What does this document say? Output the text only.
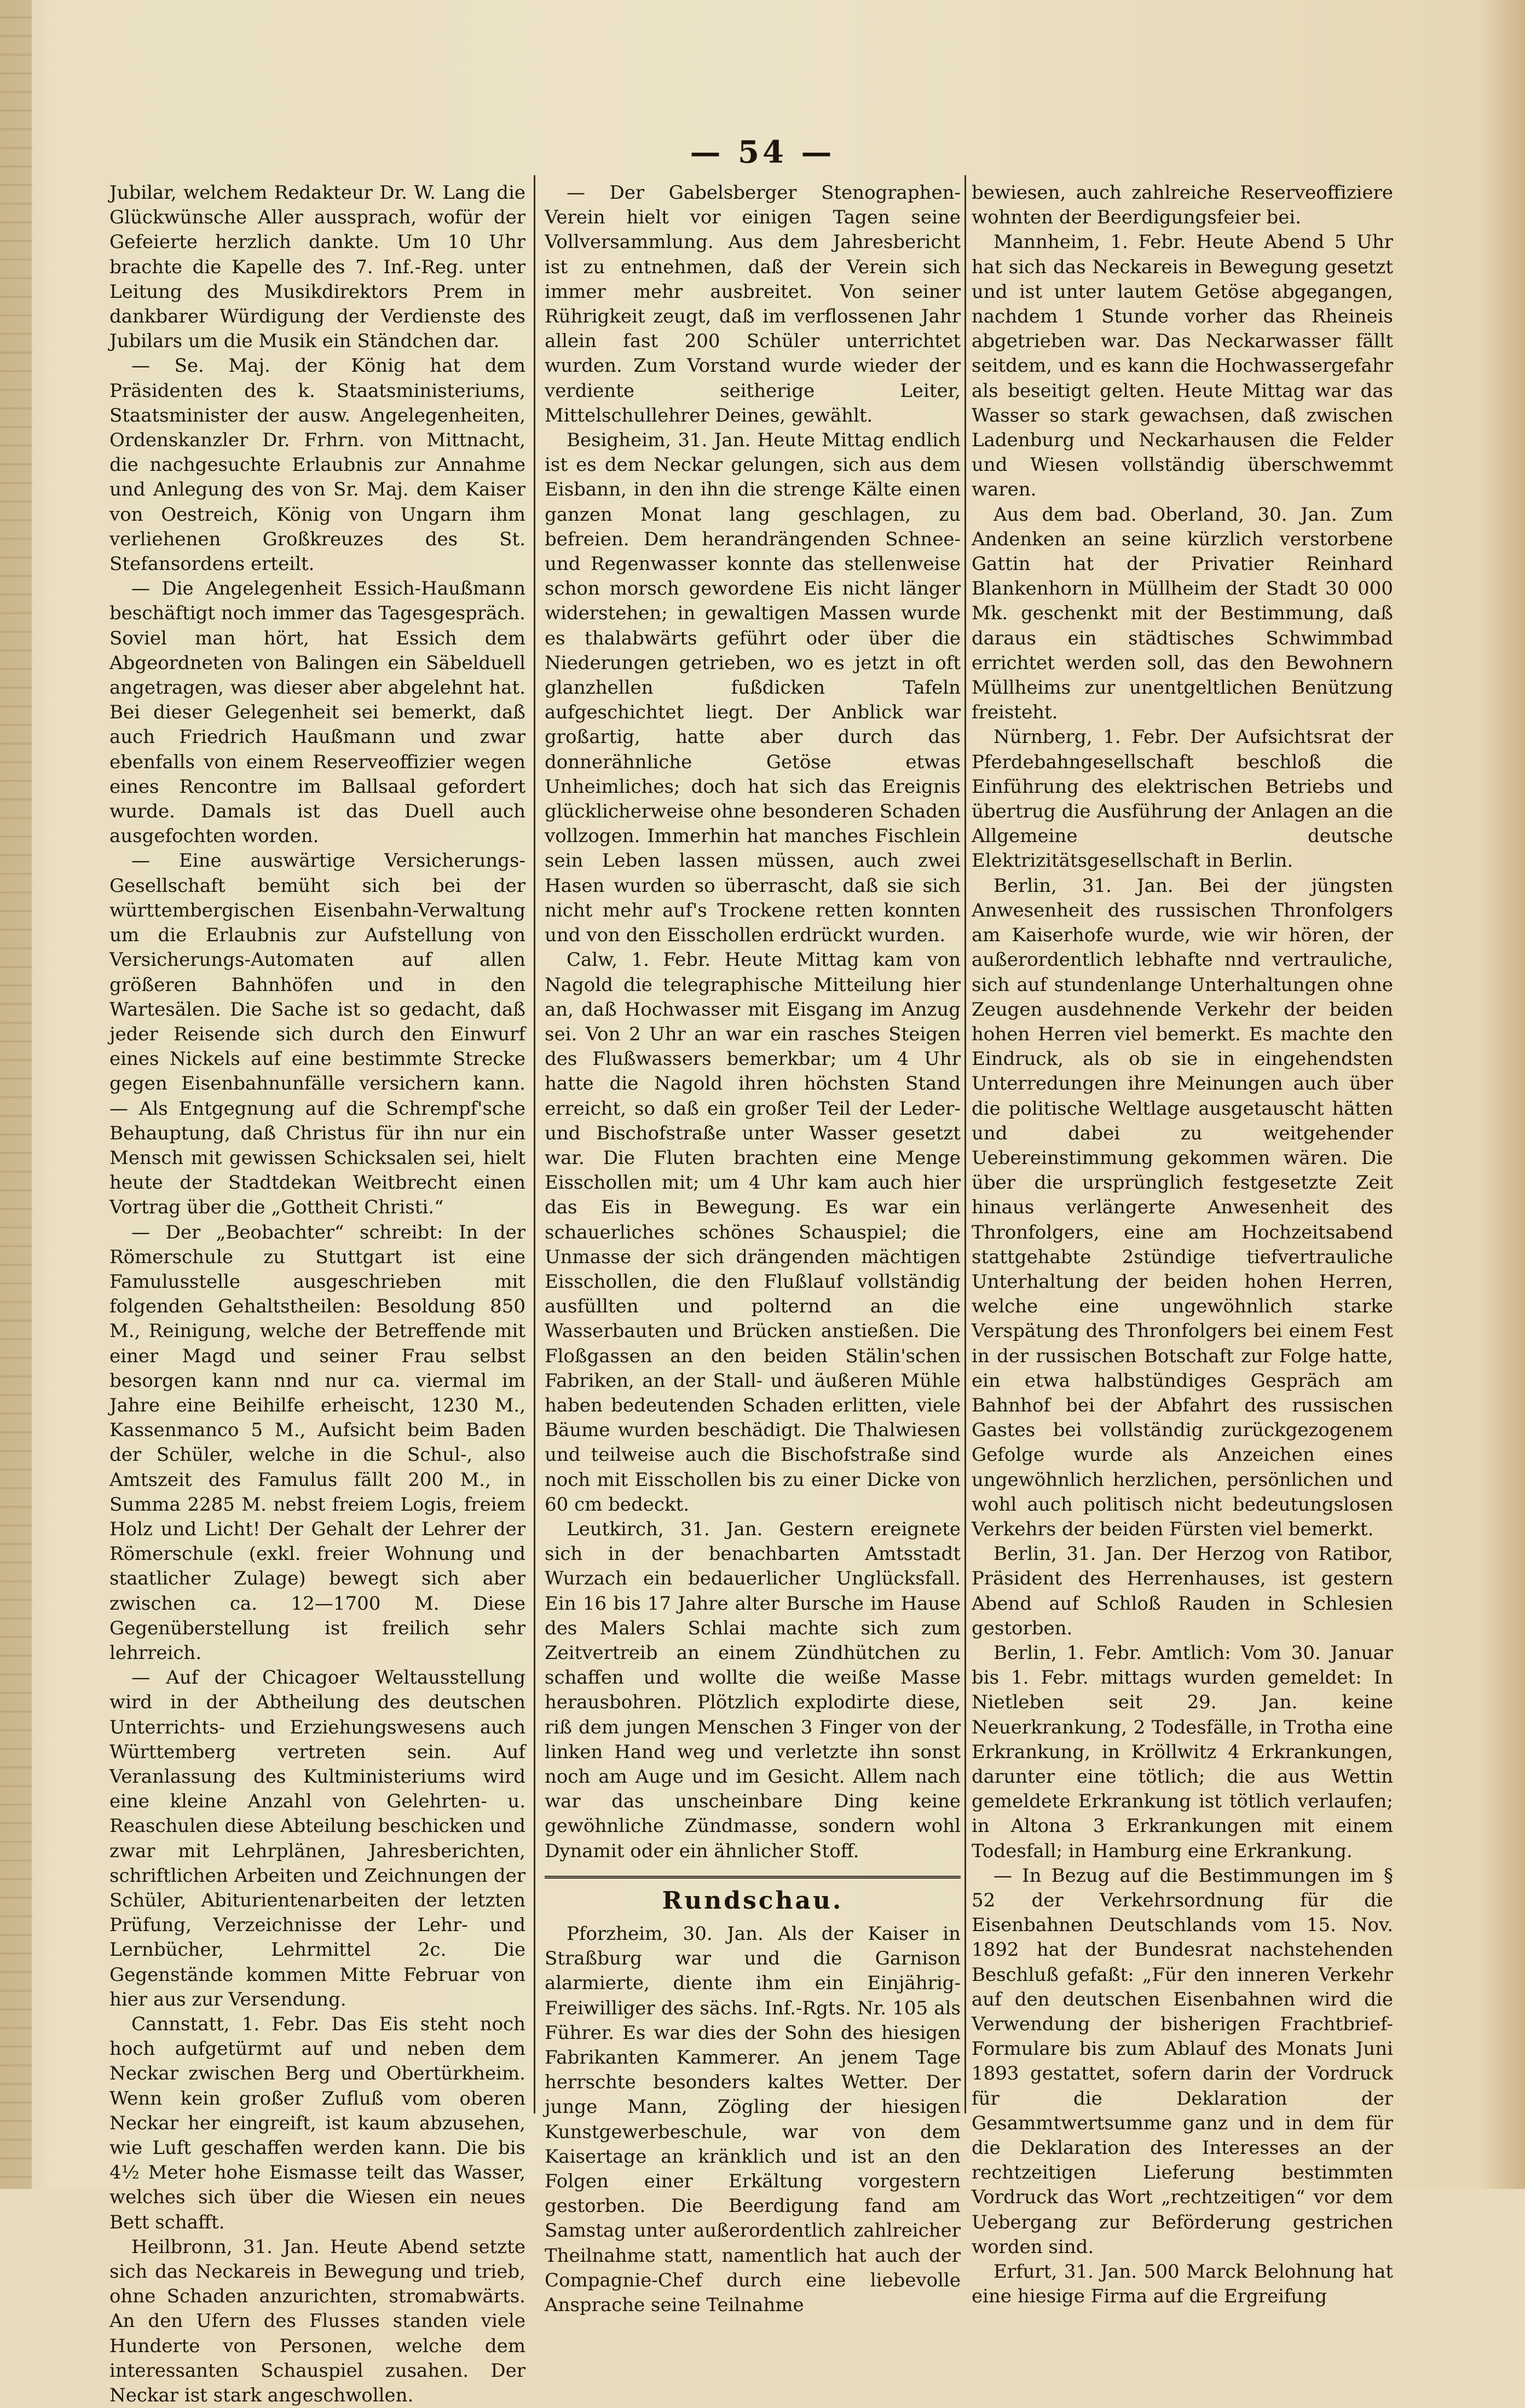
— 54 —

Jubilar, welchem Redakteur Dr. W. Lang die Glückwünsche Aller aussprach, wofür der Gefeierte herzlich dankte. Um 10 Uhr brachte die Kapelle des 7. Inf.-Reg. unter Leitung des Musikdirektors Prem in dankbarer Würdigung der Verdienste des Jubilars um die Musik ein Ständchen dar.

— Se. Maj. der König hat dem Präsidenten des k. Staatsministeriums, Staatsminister der ausw. Angelegenheiten, Ordenskanzler Dr. Frhrn. von Mittnacht, die nachgesuchte Erlaubnis zur Annahme und Anlegung des von Sr. Maj. dem Kaiser von Oestreich, König von Ungarn ihm verliehenen Großkreuzes des St. Stefansordens erteilt.

— Die Angelegenheit Essich-Haußmann beschäftigt noch immer das Tagesgespräch. Soviel man hört, hat Essich dem Abgeordneten von Balingen ein Säbelduell angetragen, was dieser aber abgelehnt hat. Bei dieser Gelegenheit sei bemerkt, daß auch Friedrich Haußmann und zwar ebenfalls von einem Reserveoffizier wegen eines Rencontre im Ballsaal gefordert wurde. Damals ist das Duell auch ausgefochten worden.

— Eine auswärtige Versicherungs-Gesellschaft bemüht sich bei der württembergischen Eisenbahn-Verwaltung um die Erlaubnis zur Aufstellung von Versicherungs-Automaten auf allen größeren Bahnhöfen und in den Wartesälen. Die Sache ist so gedacht, daß jeder Reisende sich durch den Einwurf eines Nickels auf eine bestimmte Strecke gegen Eisenbahnunfälle versichern kann. — Als Entgegnung auf die Schrempf'sche Behauptung, daß Christus für ihn nur ein Mensch mit gewissen Schicksalen sei, hielt heute der Stadtdekan Weitbrecht einen Vortrag über die „Gottheit Christi.“

— Der „Beobachter“ schreibt: In der Römerschule zu Stuttgart ist eine Famulusstelle ausgeschrieben mit folgenden Gehaltstheilen: Besoldung 850 M., Reinigung, welche der Betreffende mit einer Magd und seiner Frau selbst besorgen kann nnd nur ca. viermal im Jahre eine Beihilfe erheischt, 1230 M., Kassenmanco 5 M., Aufsicht beim Baden der Schüler, welche in die Schul-, also Amtszeit des Famulus fällt 200 M., in Summa 2285 M. nebst freiem Logis, freiem Holz und Licht! Der Gehalt der Lehrer der Römerschule (exkl. freier Wohnung und staatlicher Zulage) bewegt sich aber zwischen ca. 12—1700 M. Diese Gegenüberstellung ist freilich sehr lehrreich.

— Auf der Chicagoer Weltausstellung wird in der Abtheilung des deutschen Unterrichts- und Erziehungswesens auch Württemberg vertreten sein. Auf Veranlassung des Kultministeriums wird eine kleine Anzahl von Gelehrten- u. Reaschulen diese Abteilung beschicken und zwar mit Lehrplänen, Jahresberichten, schriftlichen Arbeiten und Zeichnungen der Schüler, Abiturientenarbeiten der letzten Prüfung, Verzeichnisse der Lehr- und Lernbücher, Lehrmittel 2c. Die Gegenstände kommen Mitte Februar von hier aus zur Versendung.

Cannstatt, 1. Febr. Das Eis steht noch hoch aufgetürmt auf und neben dem Neckar zwischen Berg und Obertürkheim. Wenn kein großer Zufluß vom oberen Neckar her eingreift, ist kaum abzusehen, wie Luft geschaffen werden kann. Die bis 4½ Meter hohe Eismasse teilt das Wasser, welches sich über die Wiesen ein neues Bett schafft.

Heilbronn, 31. Jan. Heute Abend setzte sich das Neckareis in Bewegung und trieb, ohne Schaden anzurichten, stromabwärts. An den Ufern des Flusses standen viele Hunderte von Personen, welche dem interessanten Schauspiel zusahen. Der Neckar ist stark angeschwollen.

— Der Gabelsberger Stenographen-Verein hielt vor einigen Tagen seine Vollversammlung. Aus dem Jahresbericht ist zu entnehmen, daß der Verein sich immer mehr ausbreitet. Von seiner Rührigkeit zeugt, daß im verflossenen Jahr allein fast 200 Schüler unterrichtet wurden. Zum Vorstand wurde wieder der verdiente seitherige Leiter, Mittelschullehrer Deines, gewählt.

Besigheim, 31. Jan. Heute Mittag endlich ist es dem Neckar gelungen, sich aus dem Eisbann, in den ihn die strenge Kälte einen ganzen Monat lang geschlagen, zu befreien. Dem herandrängenden Schnee- und Regenwasser konnte das stellenweise schon morsch gewordene Eis nicht länger widerstehen; in gewaltigen Massen wurde es thalabwärts geführt oder über die Niederungen getrieben, wo es jetzt in oft glanzhellen fußdicken Tafeln aufgeschichtet liegt. Der Anblick war großartig, hatte aber durch das donnerähnliche Getöse etwas Unheimliches; doch hat sich das Ereignis glücklicherweise ohne besonderen Schaden vollzogen. Immerhin hat manches Fischlein sein Leben lassen müssen, auch zwei Hasen wurden so überrascht, daß sie sich nicht mehr auf's Trockene retten konnten und von den Eisschollen erdrückt wurden.

Calw, 1. Febr. Heute Mittag kam von Nagold die telegraphische Mitteilung hier an, daß Hochwasser mit Eisgang im Anzug sei. Von 2 Uhr an war ein rasches Steigen des Flußwassers bemerkbar; um 4 Uhr hatte die Nagold ihren höchsten Stand erreicht, so daß ein großer Teil der Leder- und Bischofstraße unter Wasser gesetzt war. Die Fluten brachten eine Menge Eisschollen mit; um 4 Uhr kam auch hier das Eis in Bewegung. Es war ein schauerliches schönes Schauspiel; die Unmasse der sich drängenden mächtigen Eisschollen, die den Flußlauf vollständig ausfüllten und polternd an die Wasserbauten und Brücken anstießen. Die Floßgassen an den beiden Stälin'schen Fabriken, an der Stall- und äußeren Mühle haben bedeutenden Schaden erlitten, viele Bäume wurden beschädigt. Die Thalwiesen und teilweise auch die Bischofstraße sind noch mit Eisschollen bis zu einer Dicke von 60 cm bedeckt.

Leutkirch, 31. Jan. Gestern ereignete sich in der benachbarten Amtsstadt Wurzach ein bedauerlicher Unglücksfall. Ein 16 bis 17 Jahre alter Bursche im Hause des Malers Schlai machte sich zum Zeitvertreib an einem Zündhütchen zu schaffen und wollte die weiße Masse herausbohren. Plötzlich explodirte diese, riß dem jungen Menschen 3 Finger von der linken Hand weg und verletzte ihn sonst noch am Auge und im Gesicht. Allem nach war das unscheinbare Ding keine gewöhnliche Zündmasse, sondern wohl Dynamit oder ein ähnlicher Stoff.

Rundschau.

Pforzheim, 30. Jan. Als der Kaiser in Straßburg war und die Garnison alarmierte, diente ihm ein Einjährig-Freiwilliger des sächs. Inf.-Rgts. Nr. 105 als Führer. Es war dies der Sohn des hiesigen Fabrikanten Kammerer. An jenem Tage herrschte besonders kaltes Wetter. Der junge Mann, Zögling der hiesigen Kunstgewerbeschule, war von dem Kaisertage an kränklich und ist an den Folgen einer Erkältung vorgestern gestorben. Die Beerdigung fand am Samstag unter außerordentlich zahlreicher Theilnahme statt, namentlich hat auch der Compagnie-Chef durch eine liebevolle Ansprache seine Teilnahme

bewiesen, auch zahlreiche Reserveoffiziere wohnten der Beerdigungsfeier bei.

Mannheim, 1. Febr. Heute Abend 5 Uhr hat sich das Neckareis in Bewegung gesetzt und ist unter lautem Getöse abgegangen, nachdem 1 Stunde vorher das Rheineis abgetrieben war. Das Neckarwasser fällt seitdem, und es kann die Hochwassergefahr als beseitigt gelten. Heute Mittag war das Wasser so stark gewachsen, daß zwischen Ladenburg und Neckarhausen die Felder und Wiesen vollständig überschwemmt waren.

Aus dem bad. Oberland, 30. Jan. Zum Andenken an seine kürzlich verstorbene Gattin hat der Privatier Reinhard Blankenhorn in Müllheim der Stadt 30 000 Mk. geschenkt mit der Bestimmung, daß daraus ein städtisches Schwimmbad errichtet werden soll, das den Bewohnern Müllheims zur unentgeltlichen Benützung freisteht.

Nürnberg, 1. Febr. Der Aufsichtsrat der Pferdebahngesellschaft beschloß die Einführung des elektrischen Betriebs und übertrug die Ausführung der Anlagen an die Allgemeine deutsche Elektrizitätsgesellschaft in Berlin.

Berlin, 31. Jan. Bei der jüngsten Anwesenheit des russischen Thronfolgers am Kaiserhofe wurde, wie wir hören, der außerordentlich lebhafte nnd vertrauliche, sich auf stundenlange Unterhaltungen ohne Zeugen ausdehnende Verkehr der beiden hohen Herren viel bemerkt. Es machte den Eindruck, als ob sie in eingehendsten Unterredungen ihre Meinungen auch über die politische Weltlage ausgetauscht hätten und dabei zu weitgehender Uebereinstimmung gekommen wären. Die über die ursprünglich festgesetzte Zeit hinaus verlängerte Anwesenheit des Thronfolgers, eine am Hochzeitsabend stattgehabte 2stündige tiefvertrauliche Unterhaltung der beiden hohen Herren, welche eine ungewöhnlich starke Verspätung des Thronfolgers bei einem Fest in der russischen Botschaft zur Folge hatte, ein etwa halbstündiges Gespräch am Bahnhof bei der Abfahrt des russischen Gastes bei vollständig zurückgezogenem Gefolge wurde als Anzeichen eines ungewöhnlich herzlichen, persönlichen und wohl auch politisch nicht bedeutungslosen Verkehrs der beiden Fürsten viel bemerkt.

Berlin, 31. Jan. Der Herzog von Ratibor, Präsident des Herrenhauses, ist gestern Abend auf Schloß Rauden in Schlesien gestorben.

Berlin, 1. Febr. Amtlich: Vom 30. Januar bis 1. Febr. mittags wurden gemeldet: In Nietleben seit 29. Jan. keine Neuerkrankung, 2 Todesfälle, in Trotha eine Erkrankung, in Kröllwitz 4 Erkrankungen, darunter eine tötlich; die aus Wettin gemeldete Erkrankung ist tötlich verlaufen; in Altona 3 Erkrankungen mit einem Todesfall; in Hamburg eine Erkrankung.

— In Bezug auf die Bestimmungen im § 52 der Verkehrsordnung für die Eisenbahnen Deutschlands vom 15. Nov. 1892 hat der Bundesrat nachstehenden Beschluß gefaßt: „Für den inneren Verkehr auf den deutschen Eisenbahnen wird die Verwendung der bisherigen Frachtbrief-Formulare bis zum Ablauf des Monats Juni 1893 gestattet, sofern darin der Vordruck für die Deklaration der Gesammtwertsumme ganz und in dem für die Deklaration des Interesses an der rechtzeitigen Lieferung bestimmten Vordruck das Wort „rechtzeitigen“ vor dem Uebergang zur Beförderung gestrichen worden sind.

Erfurt, 31. Jan. 500 Marck Belohnung hat eine hiesige Firma auf die Ergreifung
